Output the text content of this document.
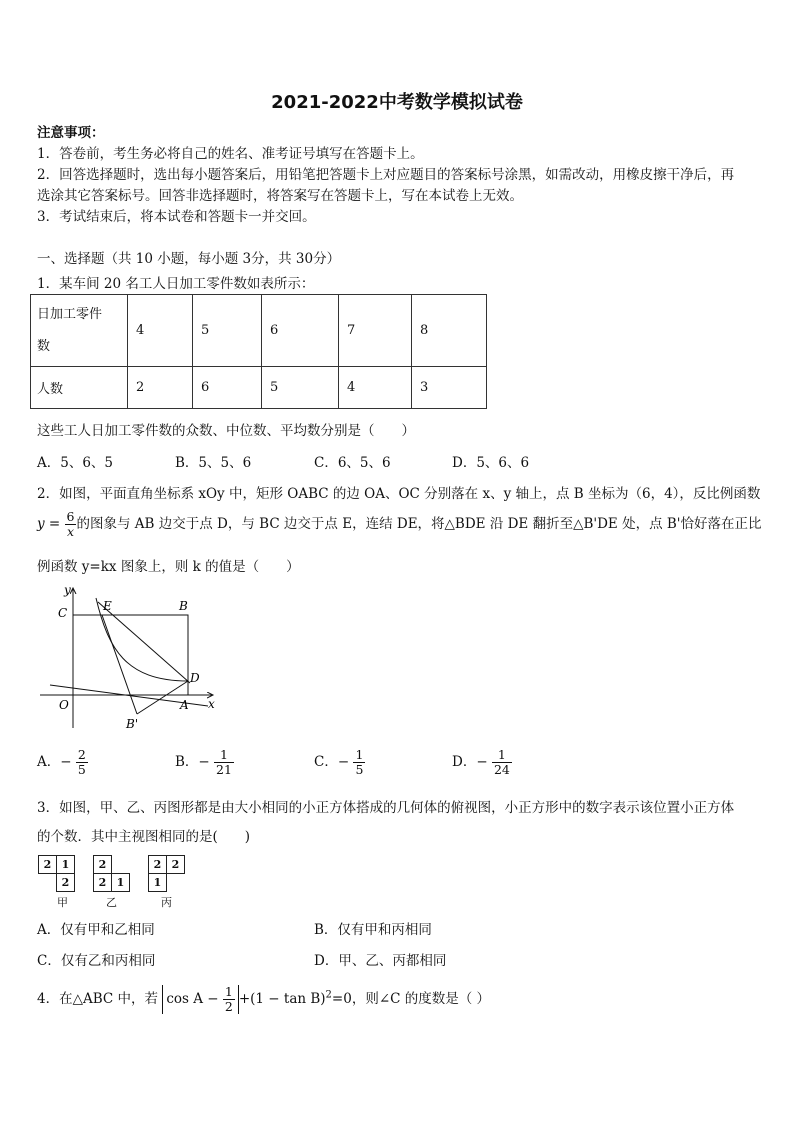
2021-2022中考数学模拟试卷
注意事项：
1．答卷前，考生务必将自己的姓名、准考证号填写在答题卡上。
2．回答选择题时，选出每小题答案后，用铅笔把答题卡上对应题目的答案标号涂黑，如需改动，用橡皮擦干净后，再
选涂其它答案标号。回答非选择题时，将答案写在答题卡上，写在本试卷上无效。
3．考试结束后，将本试卷和答题卡一并交回。
一、选择题（共 10 小题，每小题 3分，共 30分）
1．某车间 20 名工人日加工零件数如表所示：
日加工零件
数	4	5	6	7	8
人数	2	6	5	4	3
这些工人日加工零件数的众数、中位数、平均数分别是（　　）
A．5、6、5	B．5、5、6	C．6、5、6	D．5、6、6
2．如图，平面直角坐标系 xOy 中，矩形 OABC 的边 OA、OC 分别落在 x、y 轴上，点 B 坐标为（6，4），反比例函数
$y = \frac{6}{x}$ 的图象与 AB 边交于点 D，与 BC 边交于点 E，连结 DE，将△BDE 沿 DE 翻折至△B'DE 处，点 B'恰好落在正比
例函数 y=kx 图象上，则 k 的值是（　　）
y
C	E	B
D
O	A x
B'
A．− $\frac{2}{5}$	B．− $\frac{1}{21}$	C．− $\frac{1}{5}$	D．− $\frac{1}{24}$
3．如图，甲、乙、丙图形都是由大小相同的小正方体搭成的几何体的俯视图，小正方形中的数字表示该位置小正方体
的个数．其中主视图相同的是(　　)
2	1
	2
甲
2	
2	1
乙
2	2
1	
丙
A．仅有甲和乙相同	B．仅有甲和丙相同
C．仅有乙和丙相同	D．甲、乙、丙都相同
4．在△ABC 中，若 $\cos A - \frac{1}{2} +(1 - \tan B)^2=0$，则∠C 的度数是（ ）
